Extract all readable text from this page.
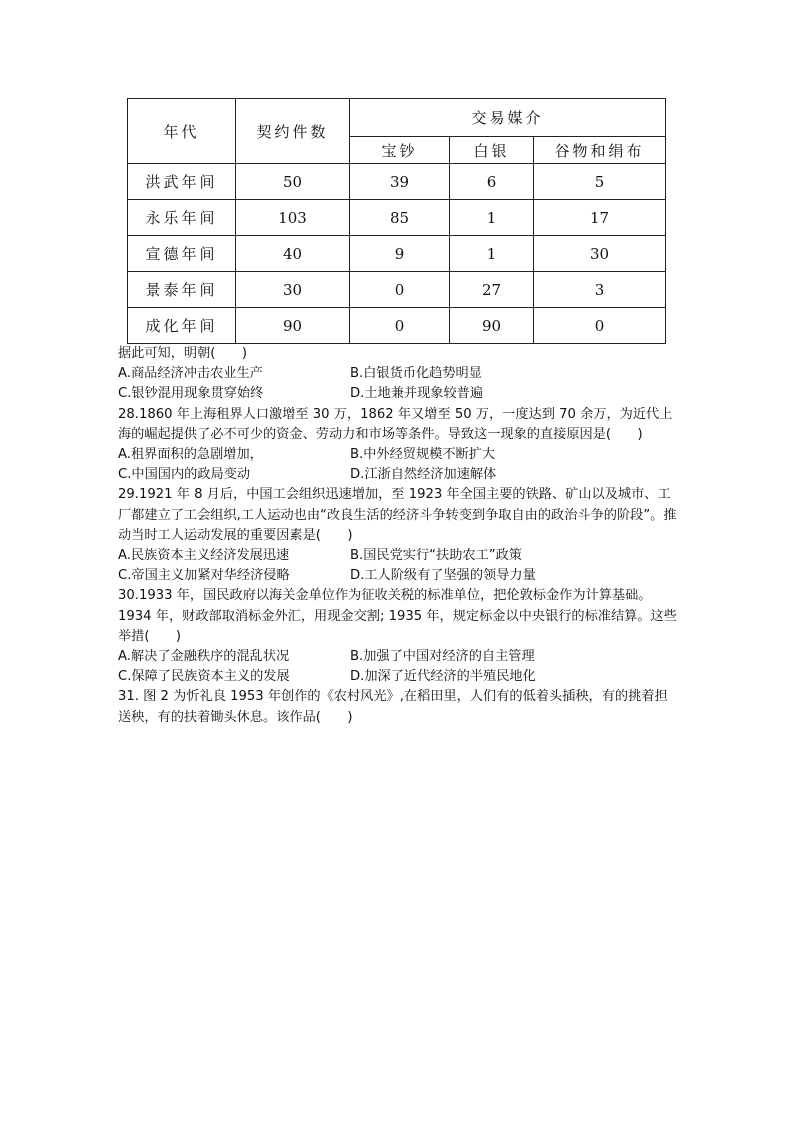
年代	契约件数	交易媒介		
		宝钞	白银	谷物和绢布
洪武年间	50	39	6	5
永乐年间	103	85	1	17
宣德年间	40	9	1	30
景泰年间	30	0	27	3
成化年间	90	0	90	0

据此可知，明朝(　　)

A.商品经济冲击农业生产	B.白银货币化趋势明显
C.银钞混用现象贯穿始终	D.土地兼并现象较普遍

28.1860 年上海租界人口激增至 30 万，1862 年又增至 50 万，一度达到 70 余万，为近代上海的崛起提供了必不可少的资金、劳动力和市场等条件。导致这一现象的直接原因是(　　)

A.租界面积的急剧增加，	B.中外经贸规模不断扩大
C.中国国内的政局变动	D.江浙自然经济加速解体

29.1921 年 8 月后，中国工会组织迅速增加，至 1923 年全国主要的铁路、矿山以及城市、工厂都建立了工会组织,工人运动也由“改良生活的经济斗争转变到争取自由的政治斗争的阶段”。推动当时工人运动发展的重要因素是(　　)

A.民族资本主义经济发展迅速	B.国民党实行“扶助农工”政策
C.帝国主义加紧对华经济侵略	D.工人阶级有了坚强的领导力量

30.1933 年，国民政府以海关金单位作为征收关税的标准单位，把伦敦标金作为计算基础。1934 年，财政部取消标金外汇，用现金交割; 1935 年，规定标金以中央银行的标准结算。这些举措(　　)

A.解决了金融秩序的混乱状况	B.加强了中国对经济的自主管理
C.保障了民族资本主义的发展	D.加深了近代经济的半殖民地化

31. 图 2 为忻礼良 1953 年创作的《农村风光》,在稻田里，人们有的低着头插秧，有的挑着担送秧，有的扶着锄头休息。该作品(　　)
